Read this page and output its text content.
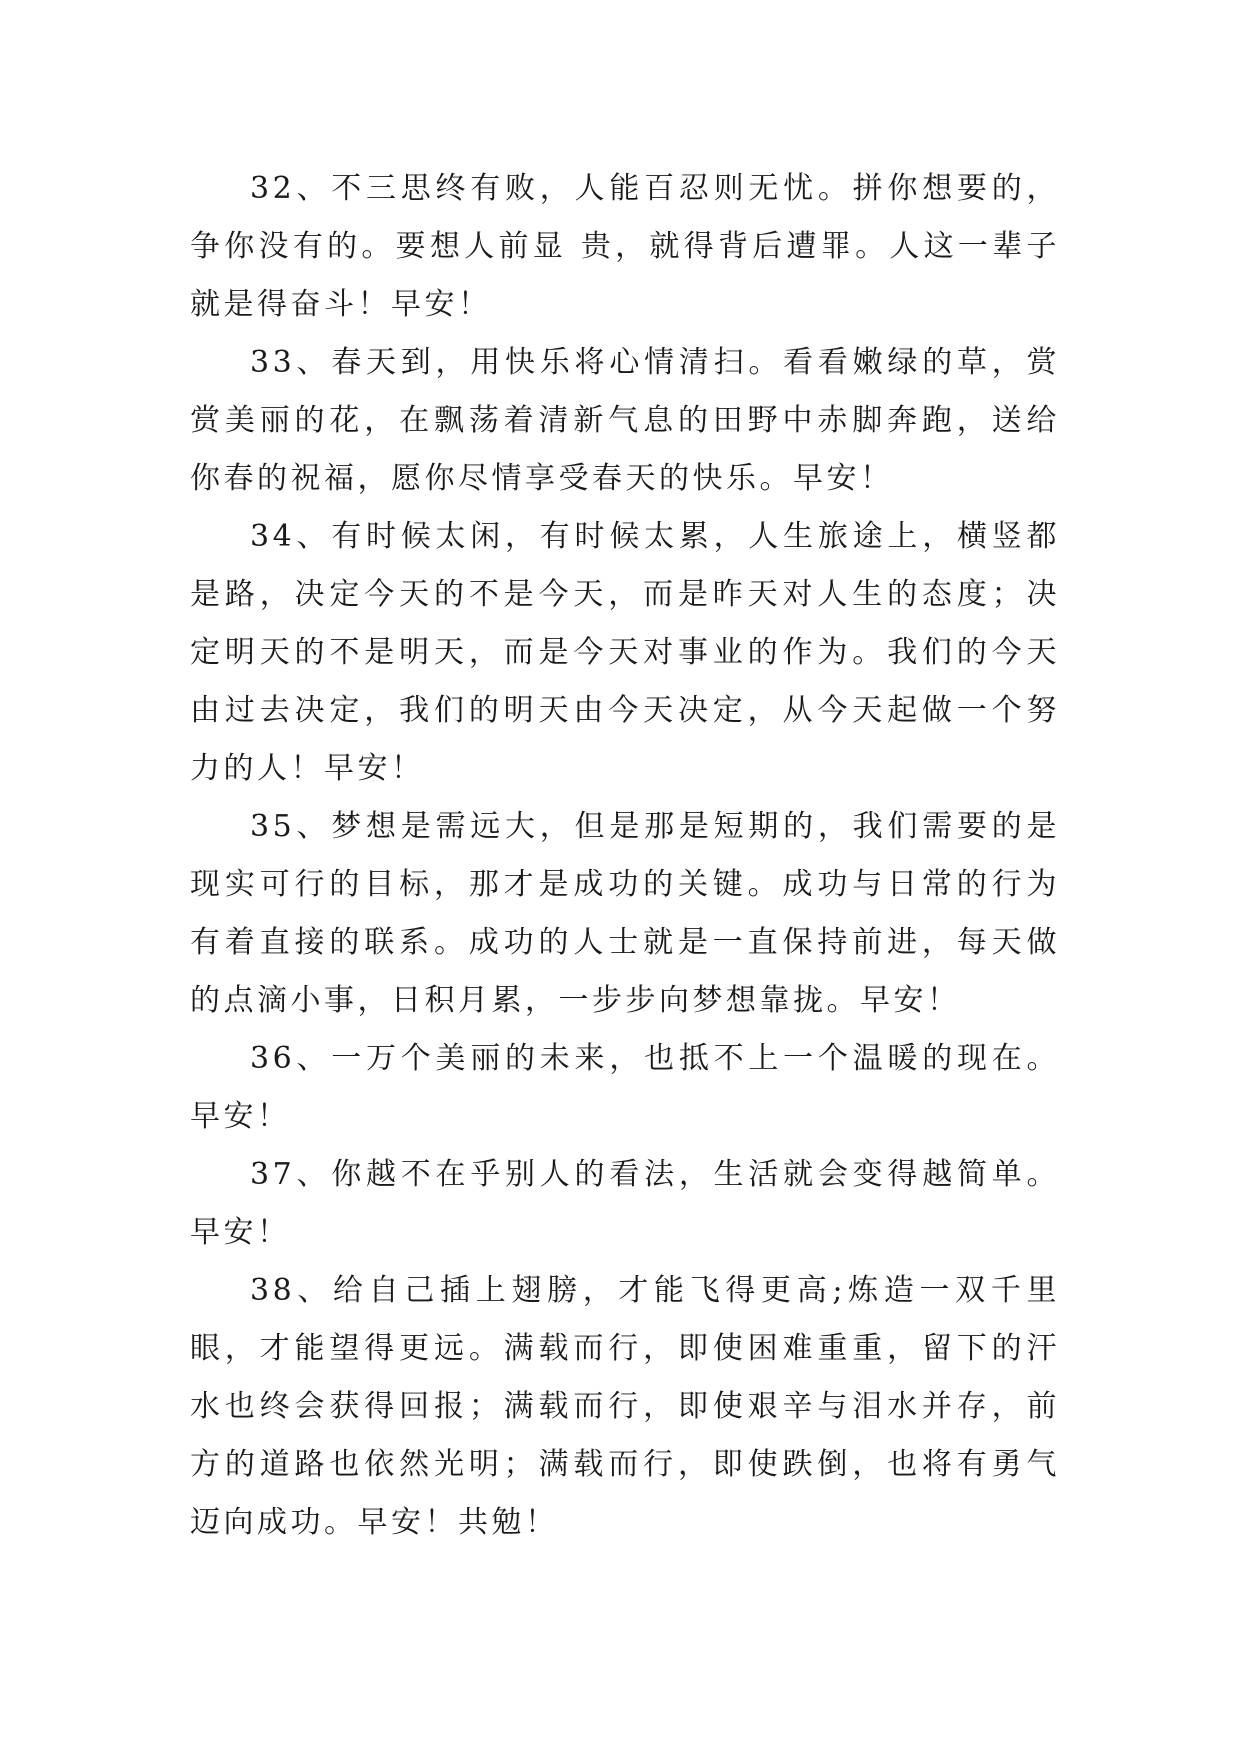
32、不三思终有败，人能百忍则无忧。拼你想要的，争你没有的。要想人前显 贵，就得背后遭罪。人这一辈子就是得奋斗！早安！

33、春天到，用快乐将心情清扫。看看嫩绿的草，赏赏美丽的花，在飘荡着清新气息的田野中赤脚奔跑，送给你春的祝福，愿你尽情享受春天的快乐。早安！

34、有时候太闲，有时候太累，人生旅途上，横竖都是路，决定今天的不是今天，而是昨天对人生的态度；决定明天的不是明天，而是今天对事业的作为。我们的今天由过去决定，我们的明天由今天决定，从今天起做一个努力的人！早安！

35、梦想是需远大，但是那是短期的，我们需要的是现实可行的目标，那才是成功的关键。成功与日常的行为有着直接的联系。成功的人士就是一直保持前进，每天做的点滴小事，日积月累，一步步向梦想靠拢。早安！

36、一万个美丽的未来，也抵不上一个温暖的现在。早安！

37、你越不在乎别人的看法，生活就会变得越简单。早安！

38、给自己插上翅膀，才能飞得更高;炼造一双千里眼，才能望得更远。满载而行，即使困难重重，留下的汗水也终会获得回报；满载而行，即使艰辛与泪水并存，前方的道路也依然光明；满载而行，即使跌倒，也将有勇气迈向成功。早安！共勉！
